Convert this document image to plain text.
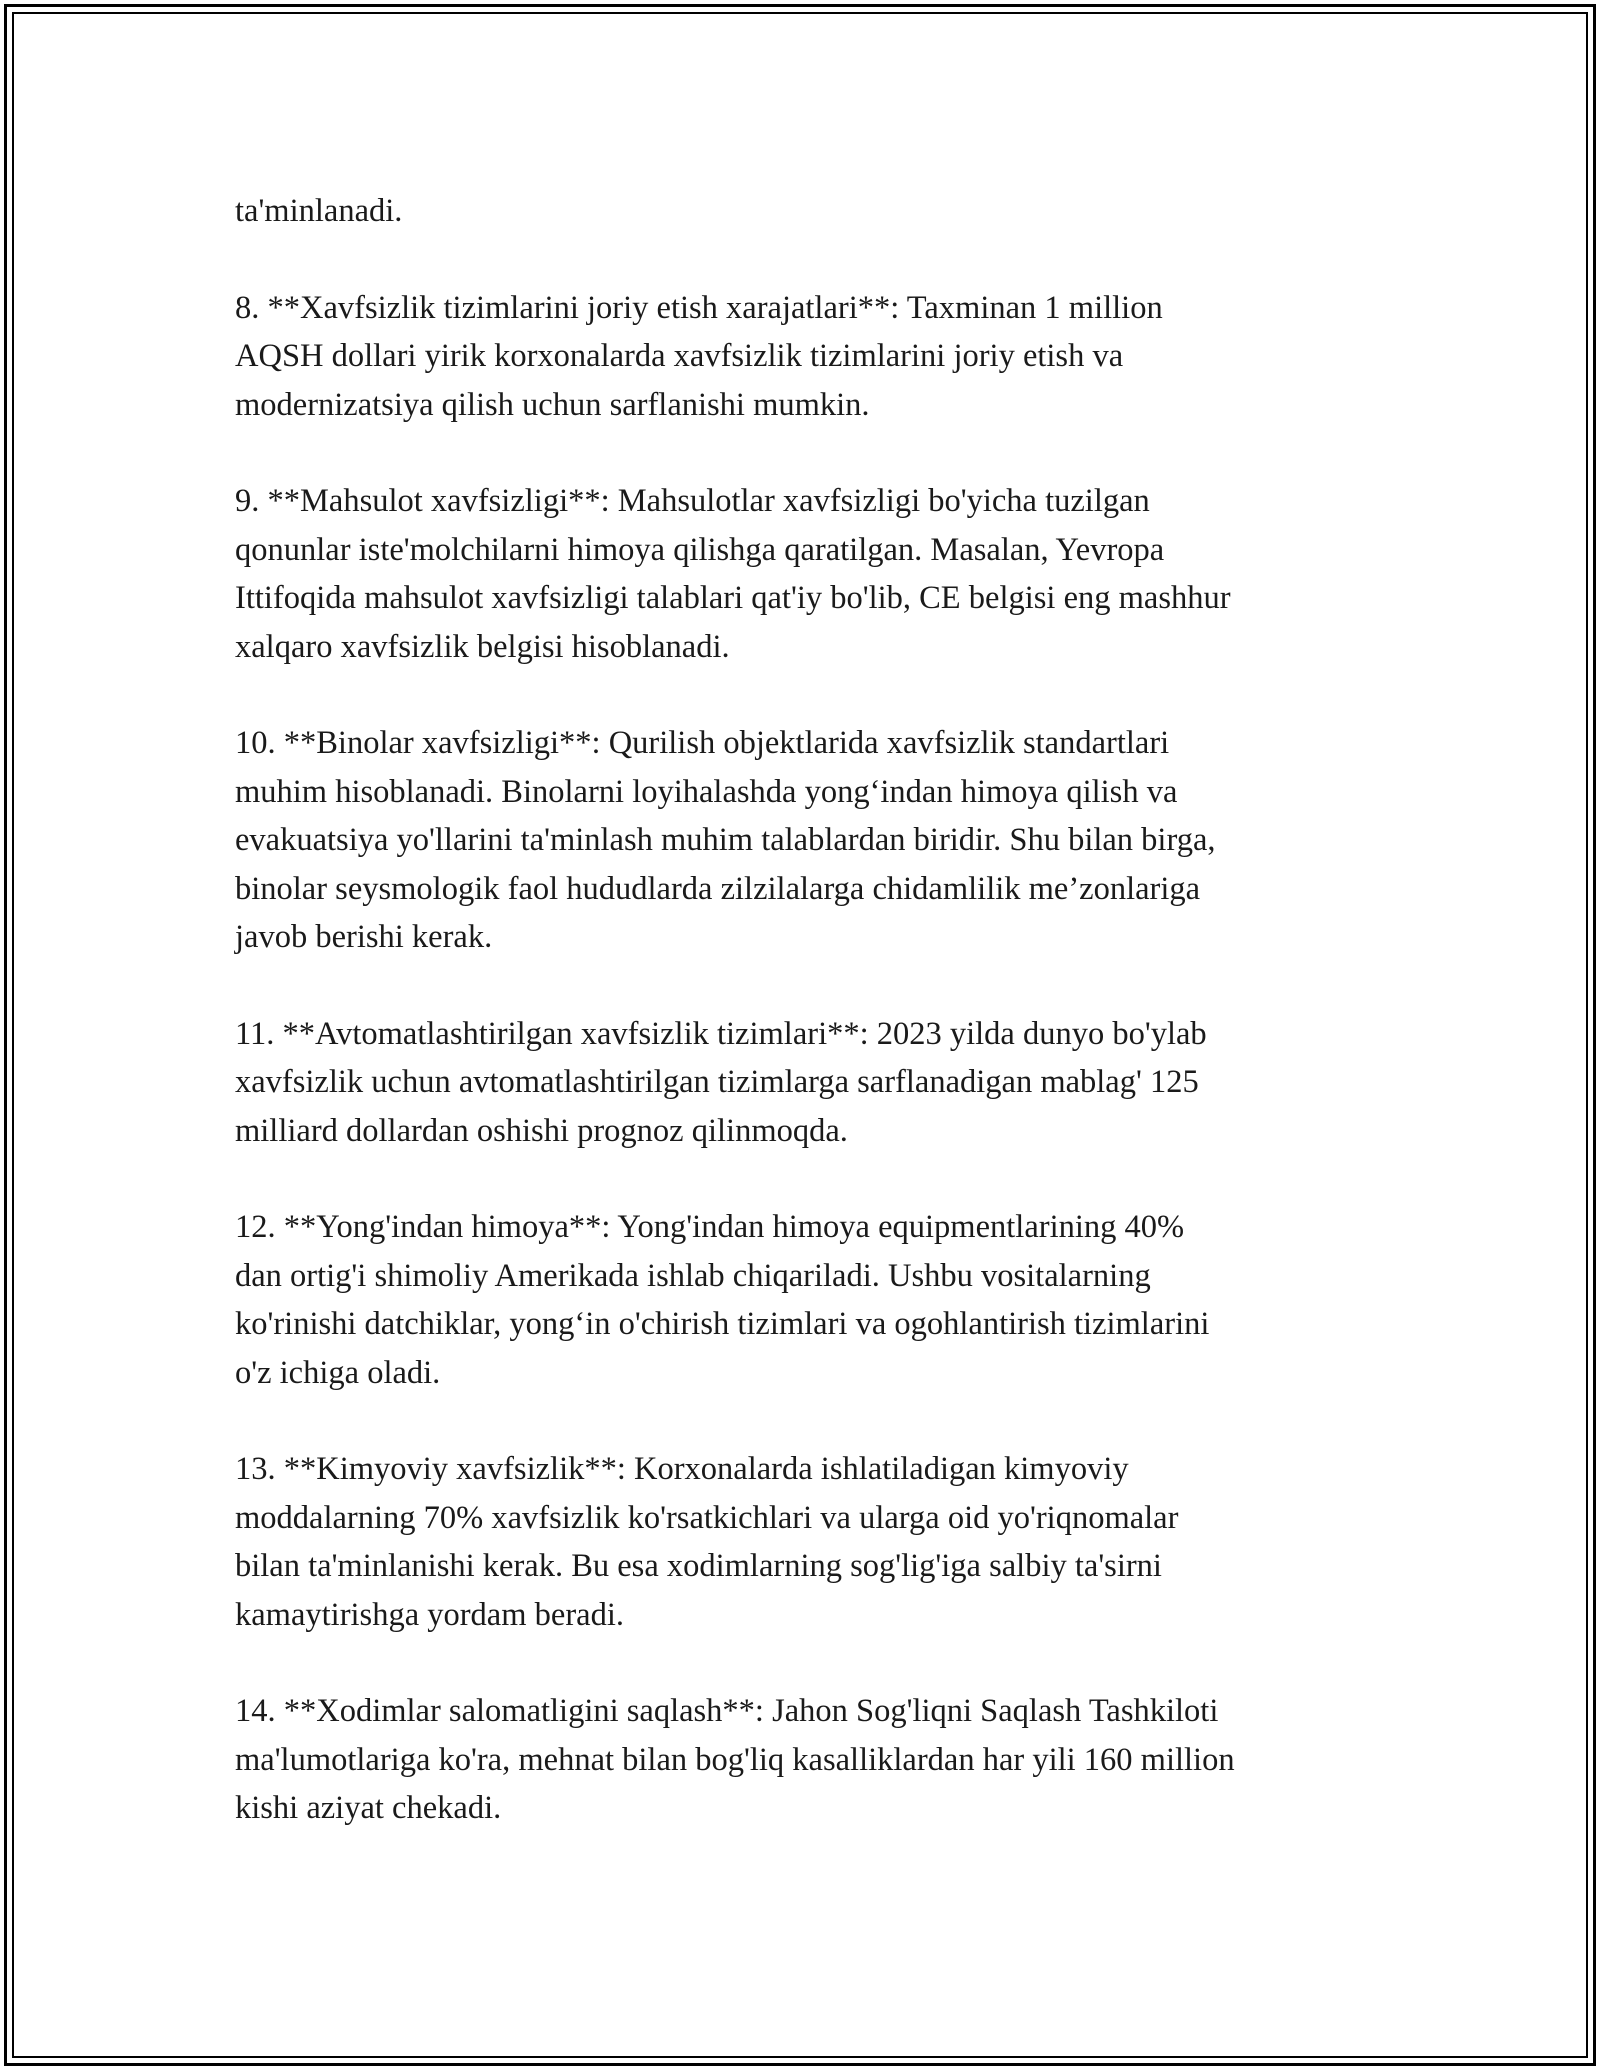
ta'minlanadi.

8. **Xavfsizlik tizimlarini joriy etish xarajatlari**: Taxminan 1 million
AQSH dollari yirik korxonalarda xavfsizlik tizimlarini joriy etish va
modernizatsiya qilish uchun sarflanishi mumkin.

9. **Mahsulot xavfsizligi**: Mahsulotlar xavfsizligi bo'yicha tuzilgan
qonunlar iste'molchilarni himoya qilishga qaratilgan. Masalan, Yevropa
Ittifoqida mahsulot xavfsizligi talablari qat'iy bo'lib, CE belgisi eng mashhur
xalqaro xavfsizlik belgisi hisoblanadi.

10. **Binolar xavfsizligi**: Qurilish objektlarida xavfsizlik standartlari
muhim hisoblanadi. Binolarni loyihalashda yong‘indan himoya qilish va
evakuatsiya yo'llarini ta'minlash muhim talablardan biridir. Shu bilan birga,
binolar seysmologik faol hududlarda zilzilalarga chidamlilik me’zonlariga
javob berishi kerak.

11. **Avtomatlashtirilgan xavfsizlik tizimlari**: 2023 yilda dunyo bo'ylab
xavfsizlik uchun avtomatlashtirilgan tizimlarga sarflanadigan mablag' 125
milliard dollardan oshishi prognoz qilinmoqda.

12. **Yong'indan himoya**: Yong'indan himoya equipmentlarining 40%
dan ortig'i shimoliy Amerikada ishlab chiqariladi. Ushbu vositalarning
ko'rinishi datchiklar, yong‘in o'chirish tizimlari va ogohlantirish tizimlarini
o'z ichiga oladi.

13. **Kimyoviy xavfsizlik**: Korxonalarda ishlatiladigan kimyoviy
moddalarning 70% xavfsizlik ko'rsatkichlari va ularga oid yo'riqnomalar
bilan ta'minlanishi kerak. Bu esa xodimlarning sog'lig'iga salbiy ta'sirni
kamaytirishga yordam beradi.

14. **Xodimlar salomatligini saqlash**: Jahon Sog'liqni Saqlash Tashkiloti
ma'lumotlariga ko'ra, mehnat bilan bog'liq kasalliklardan har yili 160 million
kishi aziyat chekadi.
